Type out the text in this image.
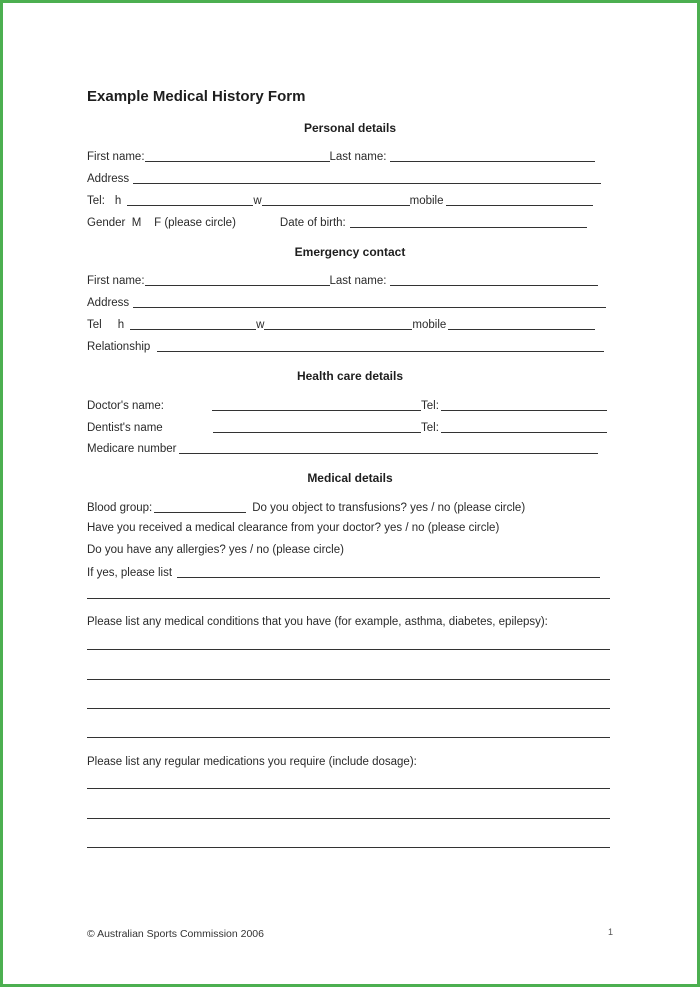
Example Medical History Form
Personal details
First name:	Last name:
Address
Tel: h	w	mobile
Gender  M    F (please circle)	Date of birth:
Emergency contact
First name:	Last name:
Address
Tel h	w	mobile
Relationship
Health care details
Doctor's name:	Tel:
Dentist's name	Tel:
Medicare number
Medical details
Blood group:	Do you object to transfusions? yes / no (please circle)
Have you received a medical clearance from your doctor? yes / no (please circle)
Do you have any allergies? yes / no (please circle)
If yes, please list
Please list any medical conditions that you have (for example, asthma, diabetes, epilepsy):
Please list any regular medications you require (include dosage):
© Australian Sports Commission 2006	1
